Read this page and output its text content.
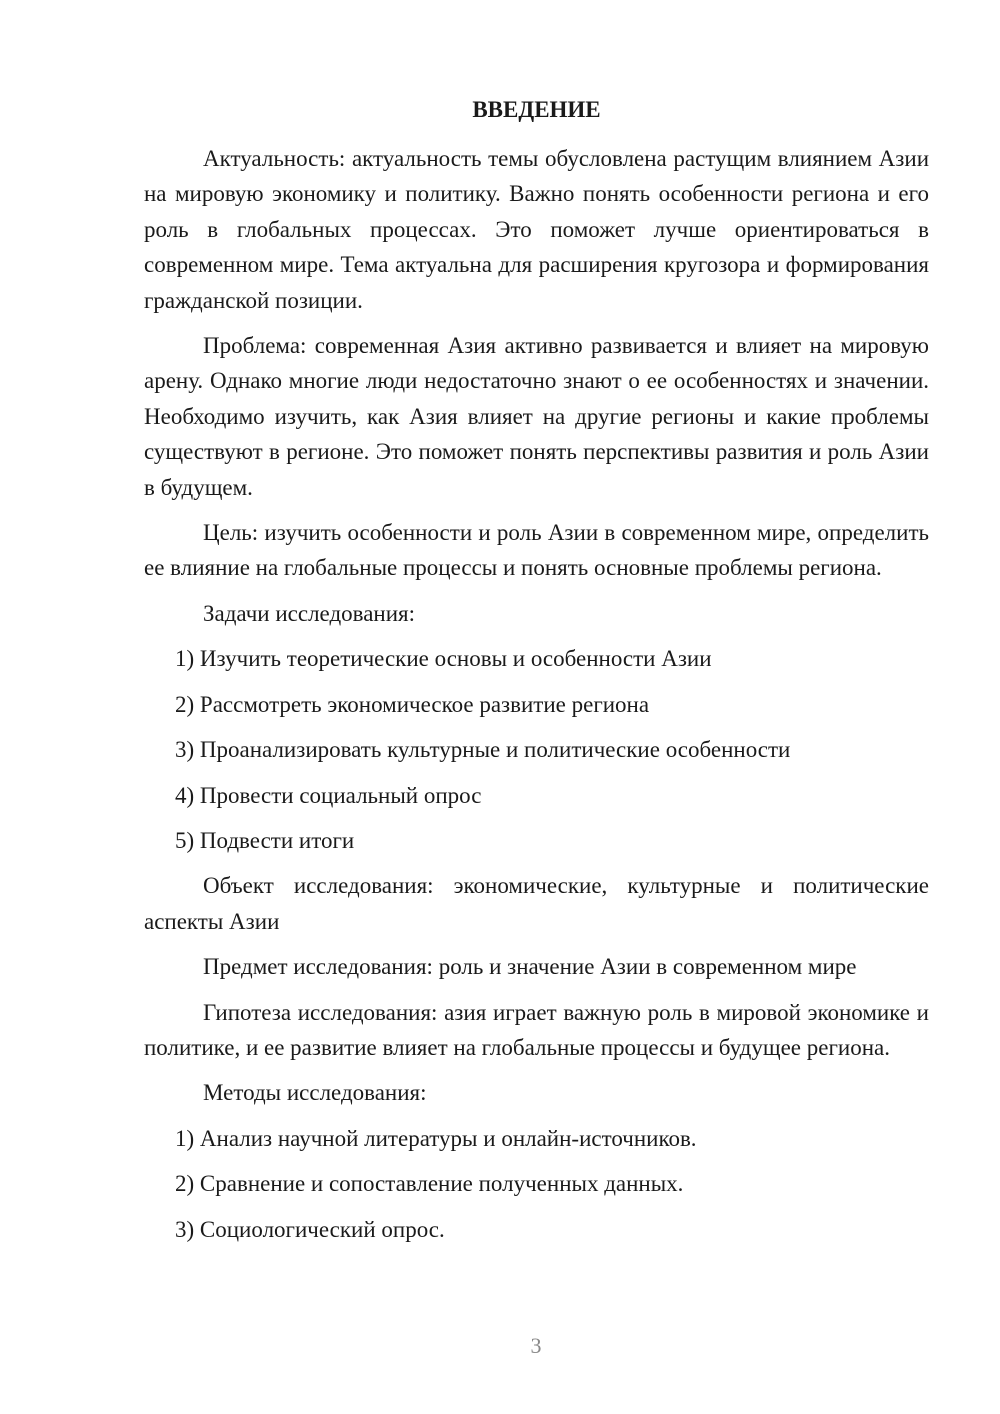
ВВЕДЕНИЕ

Актуальность: актуальность темы обусловлена растущим влиянием Азии на мировую экономику и политику. Важно понять особенности региона и его роль в глобальных процессах. Это поможет лучше ориентироваться в современном мире. Тема актуальна для расширения кругозора и формирования гражданской позиции.

Проблема: современная Азия активно развивается и влияет на мировую арену. Однако многие люди недостаточно знают о ее особенностях и значении. Необходимо изучить, как Азия влияет на другие регионы и какие проблемы существуют в регионе. Это поможет понять перспективы развития и роль Азии в будущем.

Цель: изучить особенности и роль Азии в современном мире, определить ее влияние на глобальные процессы и понять основные проблемы региона.

Задачи исследования:

1) Изучить теоретические основы и особенности Азии
2) Рассмотреть экономическое развитие региона
3) Проанализировать культурные и политические особенности
4) Провести социальный опрос
5) Подвести итоги

Объект исследования: экономические, культурные и политические аспекты Азии

Предмет исследования: роль и значение Азии в современном мире

Гипотеза исследования: азия играет важную роль в мировой экономике и политике, и ее развитие влияет на глобальные процессы и будущее региона.

Методы исследования:

1) Анализ научной литературы и онлайн-источников.
2) Сравнение и сопоставление полученных данных.
3) Социологический опрос.
3
